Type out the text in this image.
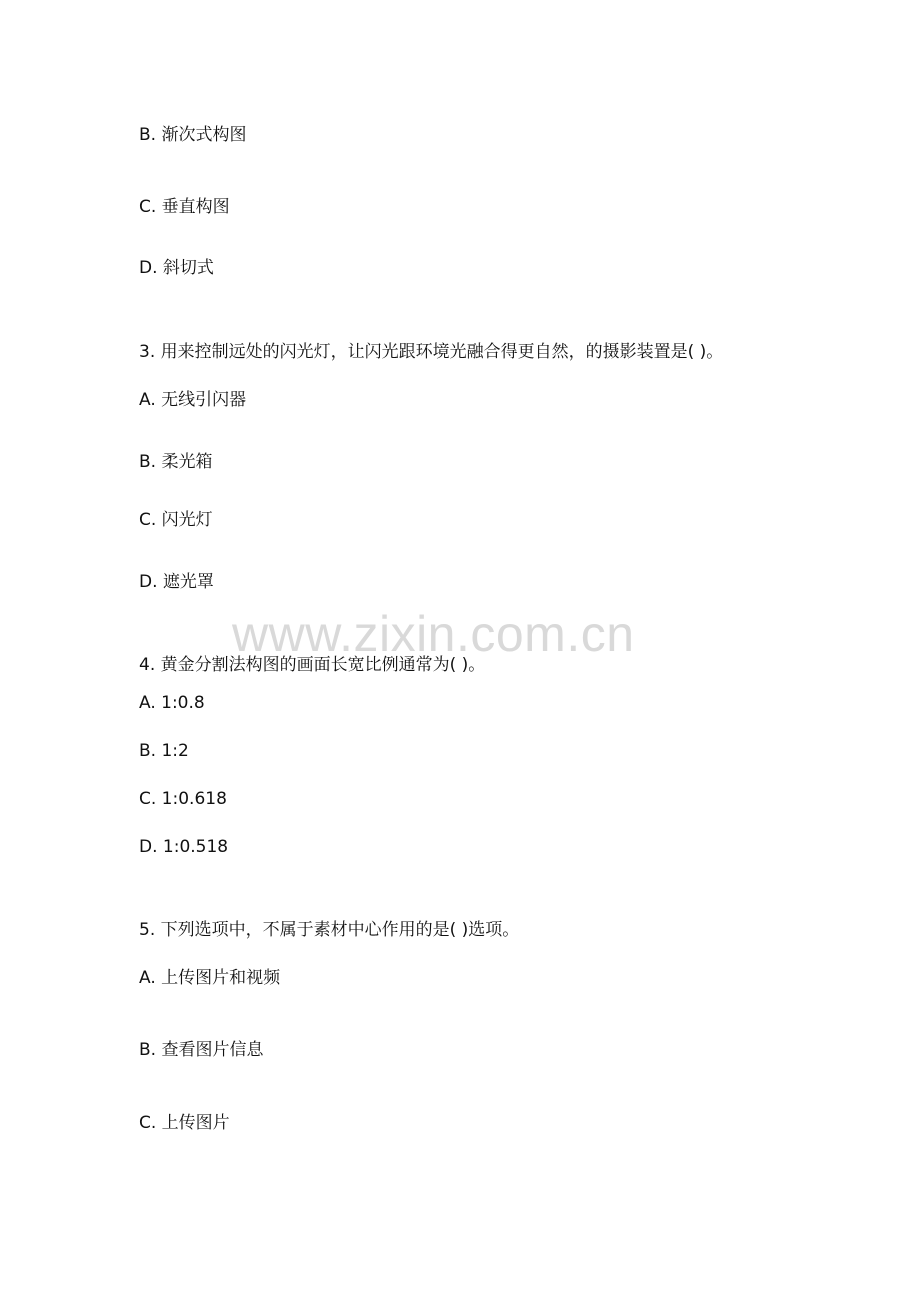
B. 渐次式构图

C. 垂直构图

D. 斜切式

3. 用来控制远处的闪光灯，让闪光跟环境光融合得更自然，的摄影装置是( )。

A. 无线引闪器

B. 柔光箱

C. 闪光灯

D. 遮光罩

www.zixin.com.cn

4. 黄金分割法构图的画面长宽比例通常为( )。

A. 1:0.8

B. 1:2

C. 1:0.618

D. 1:0.518

5. 下列选项中，不属于素材中心作用的是( )选项。

A. 上传图片和视频

B. 查看图片信息

C. 上传图片
